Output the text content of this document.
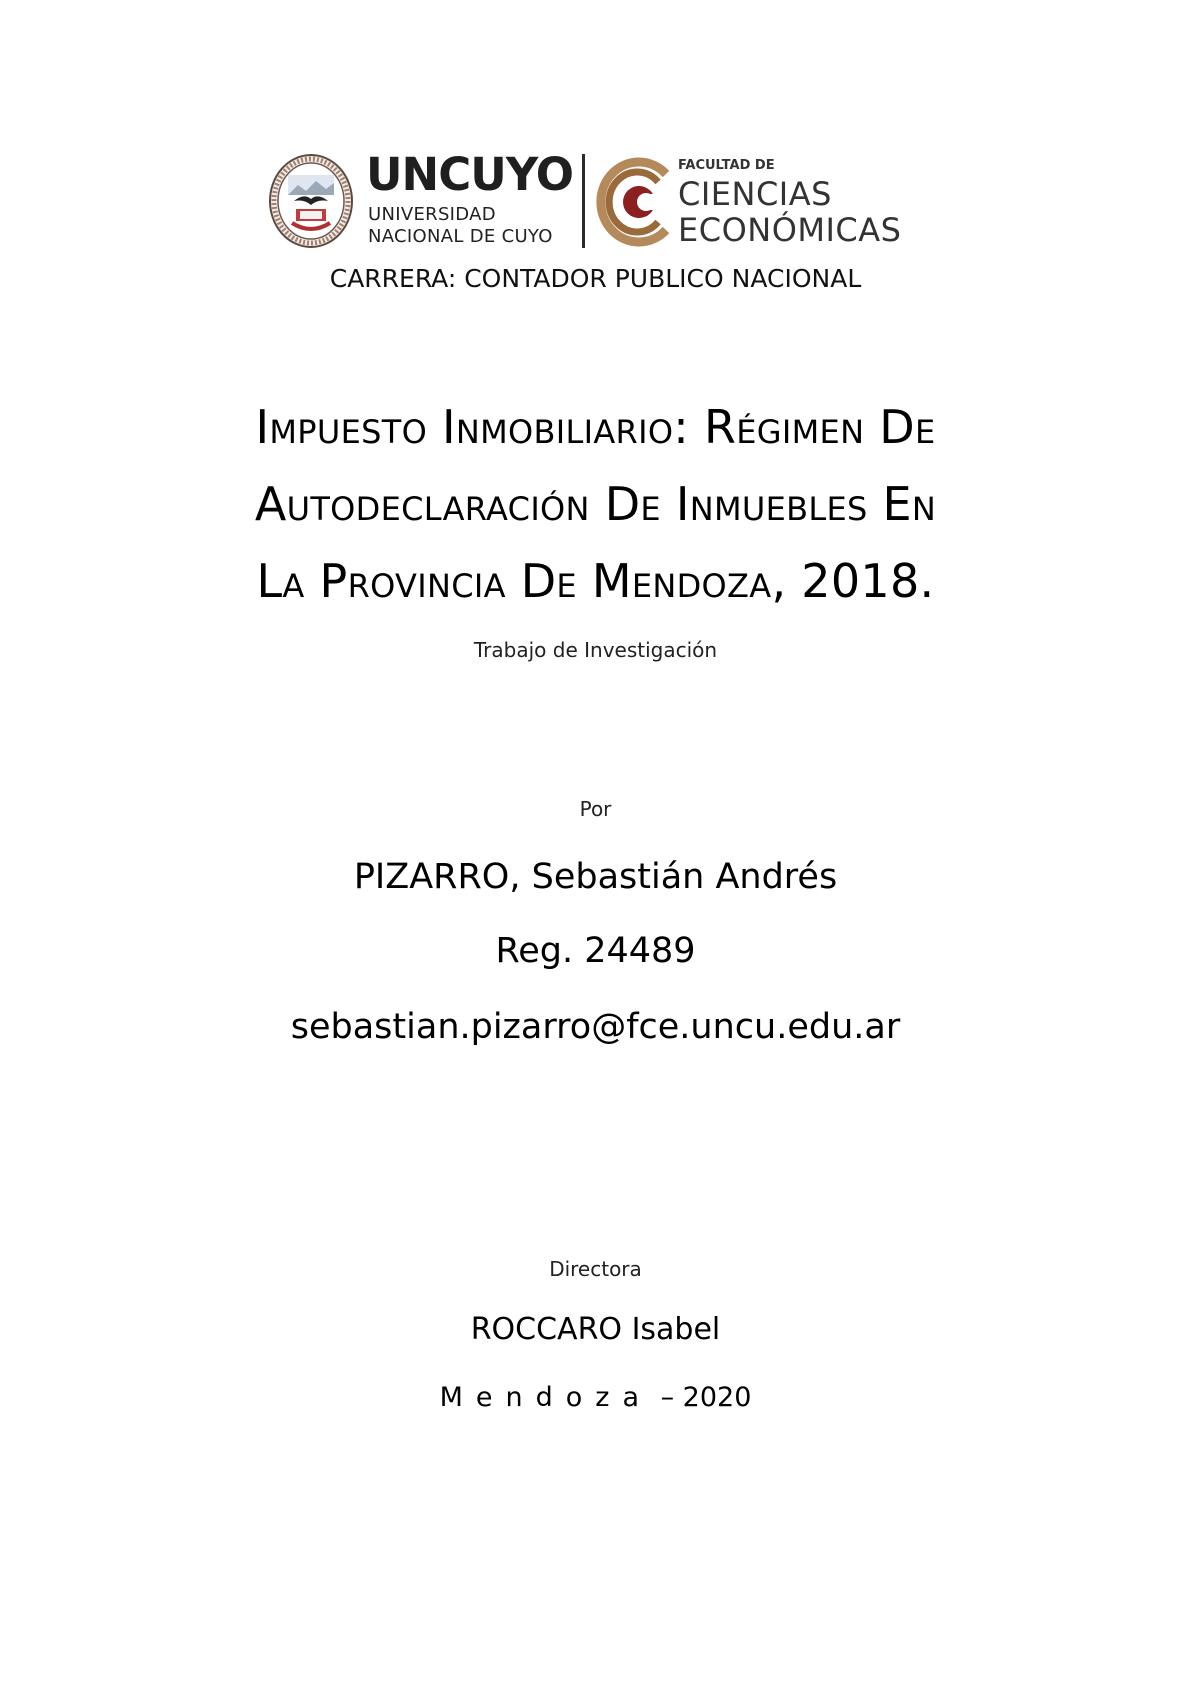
UNCUYO
UNIVERSIDAD
NACIONAL DE CUYO
FACULTAD DE
CIENCIAS
ECONÓMICAS
CARRERA: CONTADOR PUBLICO NACIONAL
Impuesto Inmobiliario: Régimen De
Autodeclaración De Inmuebles En
La Provincia De Mendoza, 2018.
Trabajo de Investigación
Por
PIZARRO, Sebastián Andrés
Reg. 24489
sebastian.pizarro@fce.uncu.edu.ar
Directora
ROCCARO Isabel
Mendoza – 2020
